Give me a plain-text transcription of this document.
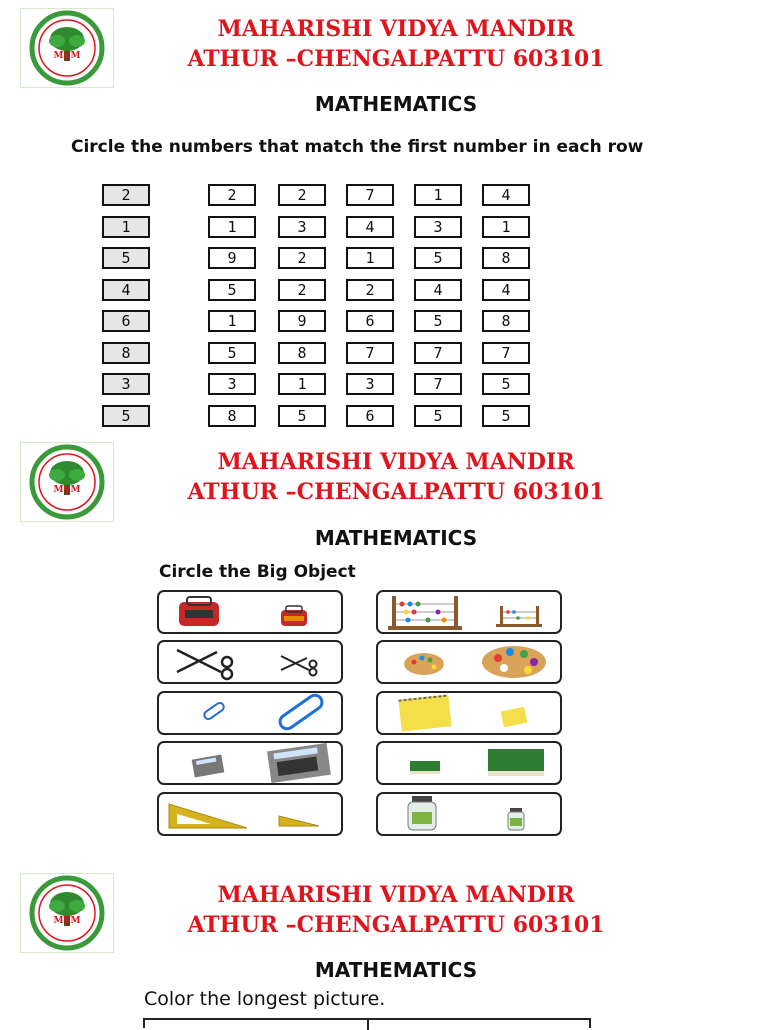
MAHARISHI VIDYA MANDIR
ATHUR –CHENGALPATTU 603101
MATHEMATICS
Circle the numbers that match the first number in each row
2	2	2	7	1	4
1	1	3	4	3	1
5	9	2	1	5	8
4	5	2	2	4	4
6	1	9	6	5	8
8	5	8	7	7	7
3	3	1	3	7	5
5	8	5	6	5	5
MAHARISHI VIDYA MANDIR
ATHUR –CHENGALPATTU 603101
MATHEMATICS
Circle the Big Object
MAHARISHI VIDYA MANDIR
ATHUR –CHENGALPATTU 603101
MATHEMATICS
Color the longest picture.
